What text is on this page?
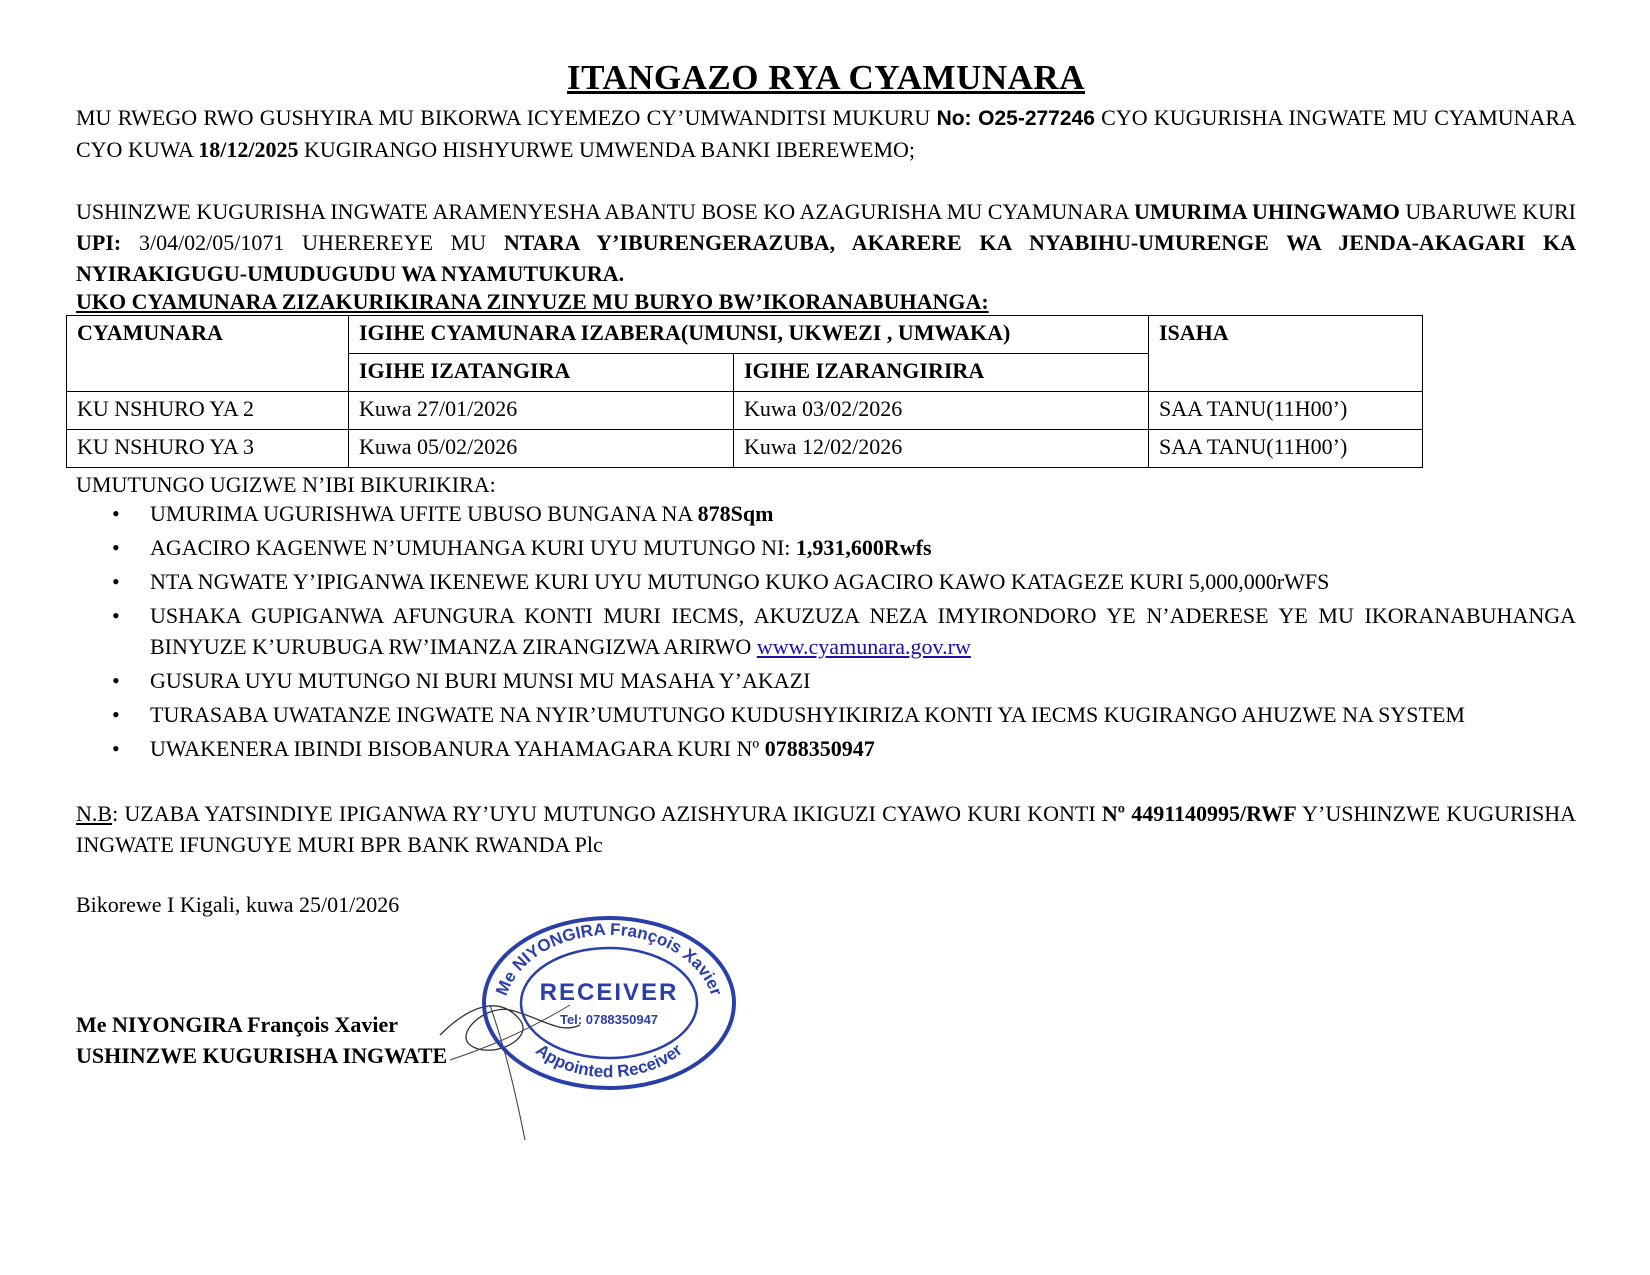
ITANGAZO RYA CYAMUNARA

MU RWEGO RWO GUSHYIRA MU BIKORWA ICYEMEZO CY’UMWANDITSI MUKURU No: O25-277246 CYO KUGURISHA INGWATE MU CYAMUNARA CYO KUWA 18/12/2025 KUGIRANGO HISHYURWE UMWENDA BANKI IBEREWEMO;

USHINZWE KUGURISHA INGWATE ARAMENYESHA ABANTU BOSE KO AZAGURISHA MU CYAMUNARA UMURIMA UHINGWAMO UBARUWE KURI UPI: 3/04/02/05/1071 UHEREREYE MU NTARA Y’IBURENGERAZUBA, AKARERE KA NYABIHU-UMURENGE WA JENDA-AKAGARI KA NYIRAKIGUGU-UMUDUGUDU WA NYAMUTUKURA.

UKO CYAMUNARA ZIZAKURIKIRANA ZINYUZE MU BURYO BW’IKORANABUHANGA:

CYAMUNARA	IGIHE CYAMUNARA IZABERA(UMUNSI, UKWEZI , UMWAKA)		ISAHA
	IGIHE IZATANGIRA	IGIHE IZARANGIRIRA	
KU NSHURO YA 2	Kuwa 27/01/2026	Kuwa 03/02/2026	SAA TANU(11H00’)
KU NSHURO YA 3	Kuwa 05/02/2026	Kuwa 12/02/2026	SAA TANU(11H00’)

UMUTUNGO UGIZWE N’IBI BIKURIKIRA:

• UMURIMA UGURISHWA UFITE UBUSO BUNGANA NA 878Sqm
• AGACIRO KAGENWE N’UMUHANGA KURI UYU MUTUNGO NI: 1,931,600Rwfs
• NTA NGWATE Y’IPIGANWA IKENEWE KURI UYU MUTUNGO KUKO AGACIRO KAWO KATAGEZE KURI 5,000,000rWFS
• USHAKA GUPIGANWA AFUNGURA KONTI MURI IECMS, AKUZUZA NEZA IMYIRONDORO YE N’ADERESE YE MU IKORANABUHANGA BINYUZE K’URUBUGA RW’IMANZA ZIRANGIZWA ARIRWO www.cyamunara.gov.rw
• GUSURA UYU MUTUNGO NI BURI MUNSI MU MASAHA Y’AKAZI
• TURASABA UWATANZE INGWATE NA NYIR’UMUTUNGO KUDUSHYIKIRIZA KONTI YA IECMS KUGIRANGO AHUZWE NA SYSTEM
• UWAKENERA IBINDI BISOBANURA YAHAMAGARA KURI Nº 0788350947

N.B: UZABA YATSINDIYE IPIGANWA RY’UYU MUTUNGO AZISHYURA IKIGUZI CYAWO KURI KONTI Nº 4491140995/RWF Y’USHINZWE KUGURISHA INGWATE IFUNGUYE MURI BPR BANK RWANDA Plc

Bikorewe I Kigali, kuwa 25/01/2026

Me NIYONGIRA François Xavier

USHINZWE KUGURISHA INGWATE

Me NIYONGIRA François Xavier
RECEIVER
Tel: 0788350947
Appointed Receiver
